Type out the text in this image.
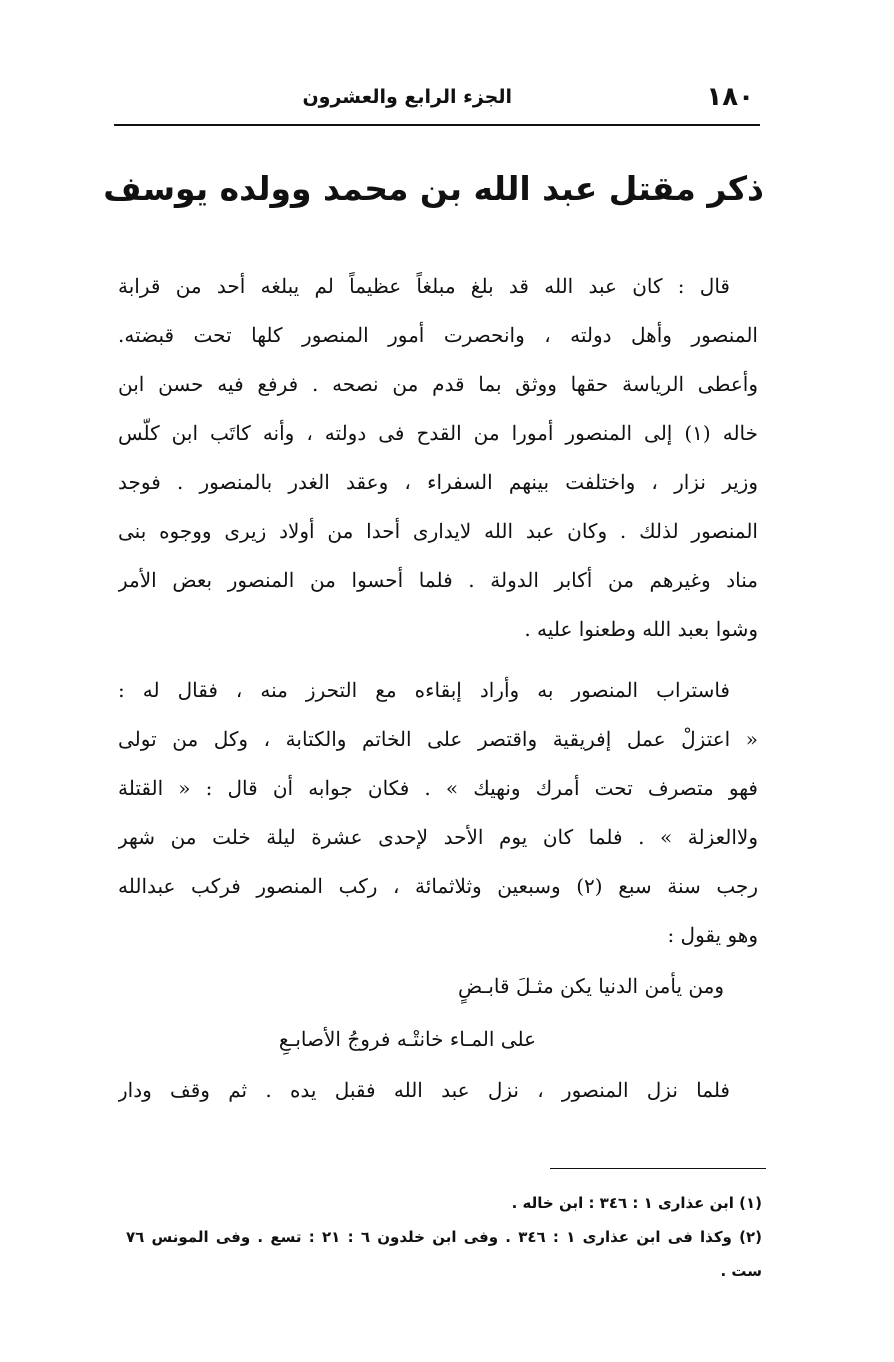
١٨٠
الجزء الرابع والعشرون
ذكر مقتل عبد الله بن محمد وولده يوسف
قال : كان عبد الله قد بلغ مبلغاً عظيماً لم يبلغه أحد من قرابة
المنصور وأهل دولته ، وانحصرت أمور المنصور كلها تحت قبضته.
وأعطى الرياسة حقها ووثق بما قدم من نصحه . فرفع فيه حسن ابن
خاله (١) إلى المنصور أمورا من القدح فى دولته ، وأنه كاتَب ابن كلّس
وزير نزار ، واختلفت بينهم السفراء ، وعقد الغدر بالمنصور . فوجد
المنصور لذلك . وكان عبد الله لايدارى أحدا من أولاد زيرى ووجوه بنى
مناد وغيرهم من أكابر الدولة . فلما أحسوا من المنصور بعض الأمر
وشوا بعبد الله وطعنوا عليه .
فاستراب المنصور به وأراد إبقاءه مع التحرز منه ، فقال له :
« اعتزلْ عمل إفريقية واقتصر على الخاتم والكتابة ، وكل من تولى
فهو متصرف تحت أمرك ونهيك » . فكان جوابه أن قال : « القتلة
ولاالعزلة » . فلما كان يوم الأحد لإحدى عشرة ليلة خلت من شهر
رجب سنة سبع (٢) وسبعين وثلاثمائة ، ركب المنصور فركب عبدالله
وهو يقول :
ومن يأمن الدنيا يكن مثـلَ قابـضٍ
على المـاء خانتْـه فروجُ الأصابـعِ
فلما نزل المنصور ، نزل عبد الله فقبل يده . ثم وقف ودار
(١) ابن عذارى ١ : ٣٤٦ : ابن خاله .
(٢) وكذا فى ابن عذارى ١ : ٣٤٦ . وفى ابن خلدون ٦ : ٢١ : تسع . وفى المونس ٧٦
ست .
